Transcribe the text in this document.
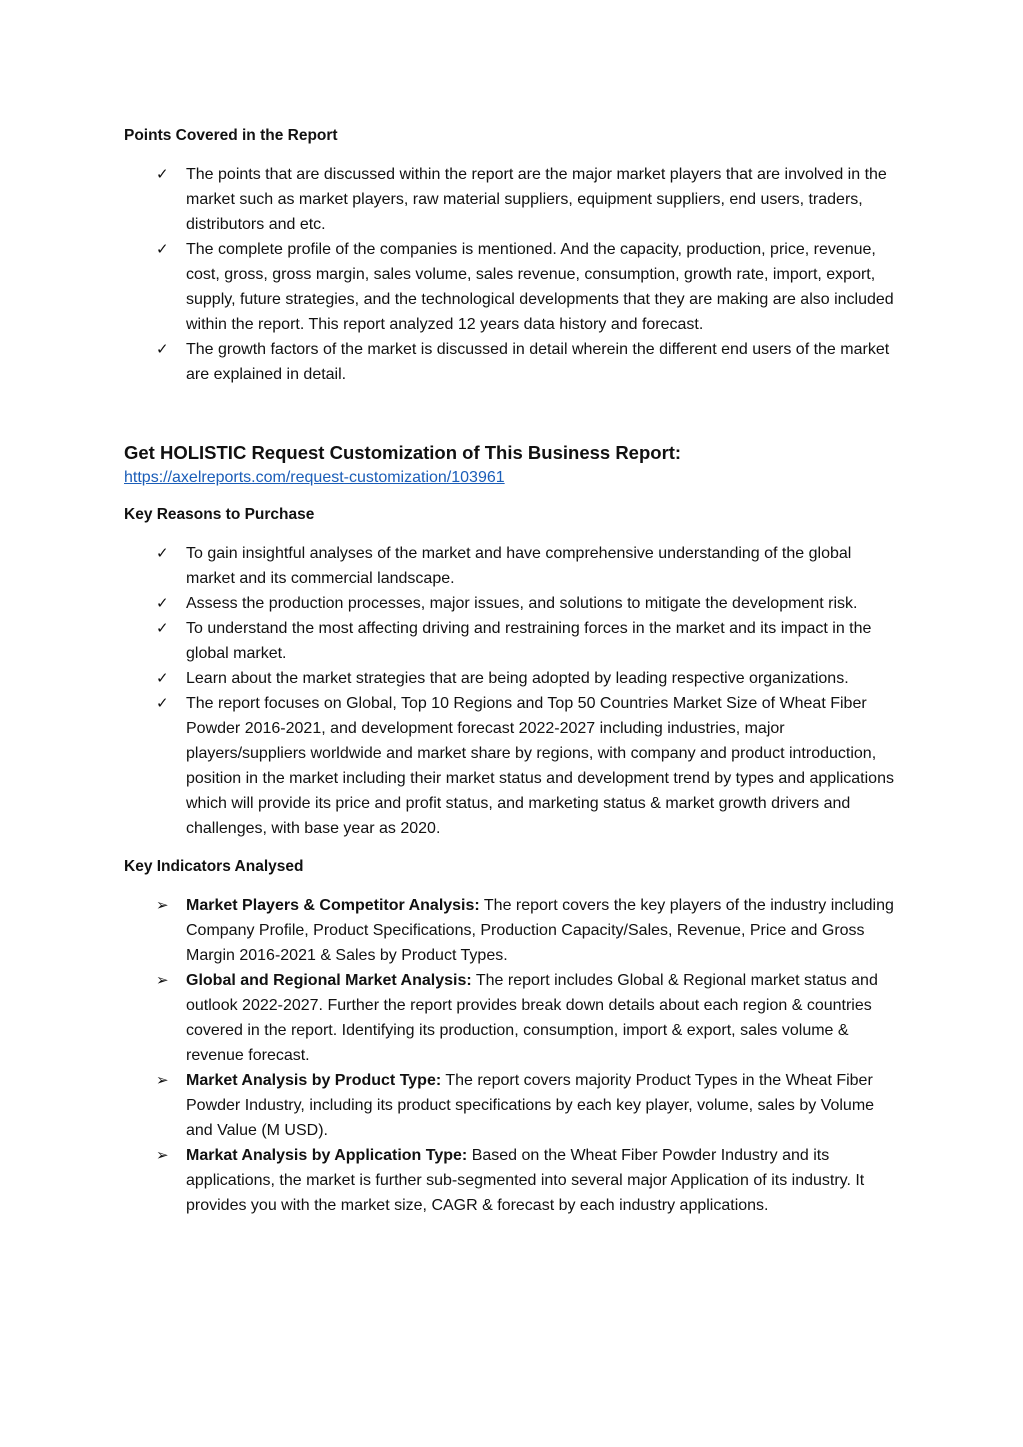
Points Covered in the Report

✓	The points that are discussed within the report are the major market players that are involved in the market such as market players, raw material suppliers, equipment suppliers, end users, traders, distributors and etc.
✓	The complete profile of the companies is mentioned. And the capacity, production, price, revenue, cost, gross, gross margin, sales volume, sales revenue, consumption, growth rate, import, export, supply, future strategies, and the technological developments that they are making are also included within the report. This report analyzed 12 years data history and forecast.
✓	The growth factors of the market is discussed in detail wherein the different end users of the market are explained in detail.

Get HOLISTIC Request Customization of This Business Report:

https://axelreports.com/request-customization/103961

Key Reasons to Purchase

✓	To gain insightful analyses of the market and have comprehensive understanding of the global market and its commercial landscape.
✓	Assess the production processes, major issues, and solutions to mitigate the development risk.
✓	To understand the most affecting driving and restraining forces in the market and its impact in the global market.
✓	Learn about the market strategies that are being adopted by leading respective organizations.
✓	The report focuses on Global, Top 10 Regions and Top 50 Countries Market Size of Wheat Fiber Powder 2016-2021, and development forecast 2022-2027 including industries, major players/suppliers worldwide and market share by regions, with company and product introduction, position in the market including their market status and development trend by types and applications which will provide its price and profit status, and marketing status & market growth drivers and challenges, with base year as 2020.

Key Indicators Analysed

➢	Market Players & Competitor Analysis: The report covers the key players of the industry including Company Profile, Product Specifications, Production Capacity/Sales, Revenue, Price and Gross Margin 2016-2021 & Sales by Product Types.
➢	Global and Regional Market Analysis: The report includes Global & Regional market status and outlook 2022-2027. Further the report provides break down details about each region & countries covered in the report. Identifying its production, consumption, import & export, sales volume & revenue forecast.
➢	Market Analysis by Product Type: The report covers majority Product Types in the Wheat Fiber Powder Industry, including its product specifications by each key player, volume, sales by Volume and Value (M USD).
➢	Markat Analysis by Application Type: Based on the Wheat Fiber Powder Industry and its applications, the market is further sub-segmented into several major Application of its industry. It provides you with the market size, CAGR & forecast by each industry applications.
